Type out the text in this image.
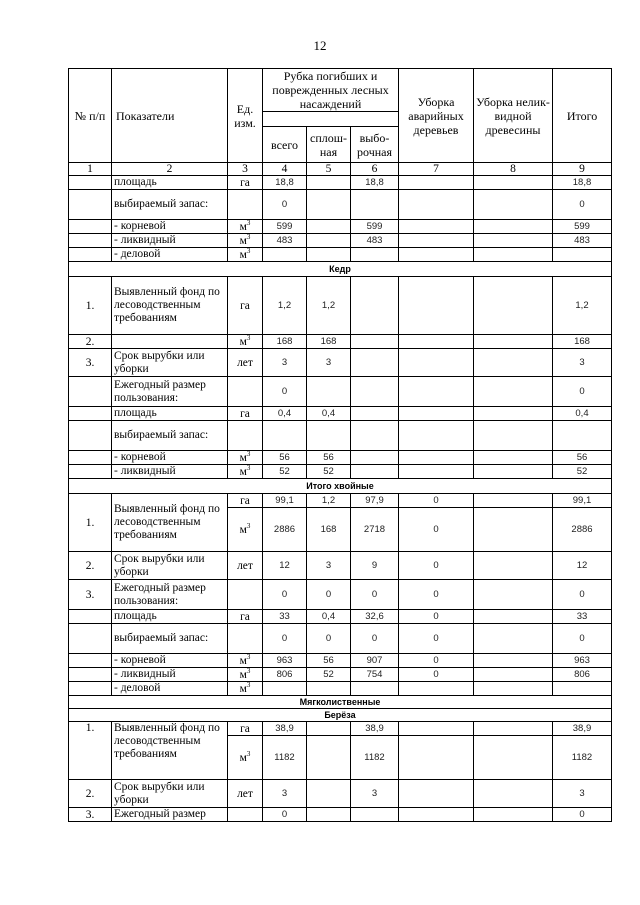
12
№ п/п	Показатели	Ед. изм.	Рубка погибших и поврежденных лесных насаждений			Уборка аварийных деревьев	Уборка нелик-видной древесины	Итого

			всего	сплош-ная	выбо-рочная			
1	2	3	4	5	6	7	8	9
	площадь	га	18,8		18,8			18,8
	выбираемый запас:		0					0
	- корневой	$м^3$	599		599			599
	- ликвидный	$м^3$	483		483			483
	- деловой	$м^3$						
Кедр								
1.	Выявленный фонд по лесоводственным требованиям	га	1,2	1,2				1,2
2.		$м^3$	168	168				168
3.	Срок вырубки или уборки	лет	3	3				3
	Ежегодный размер пользования:		0					0
	площадь	га	0,4	0,4				0,4
	выбираемый запас:							
	- корневой	$м^3$	56	56				56
	- ликвидный	$м^3$	52	52				52
Итого хвойные								
1.	Выявленный фонд по лесоводственным требованиям	га	99,1	1,2	97,9	0		99,1
		$м^3$	2886	168	2718	0		2886
2.	Срок вырубки или уборки	лет	12	3	9	0		12
3.	Ежегодный размер пользования:		0	0	0	0		0
	площадь	га	33	0,4	32,6	0		33
	выбираемый запас:		0	0	0	0		0
	- корневой	$м^3$	963	56	907	0		963
	- ликвидный	$м^3$	806	52	754	0		806
	- деловой	$м^3$						
Мягколиственные								
Берёза								
1.	Выявленный фонд по лесоводственным требованиям	га	38,9		38,9			38,9
		$м^3$	1182		1182			1182
2.	Срок вырубки или уборки	лет	3		3			3
3.	Ежегодный размер		0					0
